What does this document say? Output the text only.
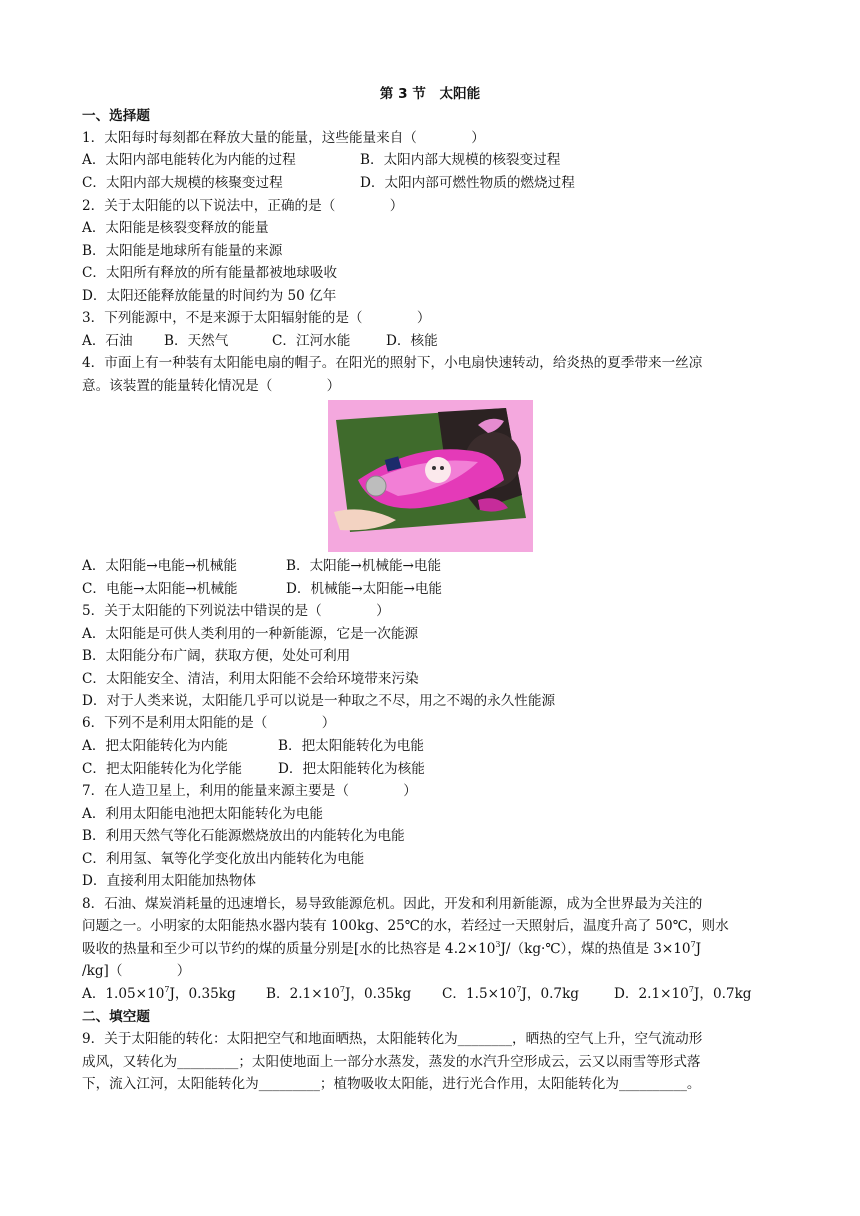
第 3 节　太阳能
一、选择题
1．太阳每时每刻都在释放大量的能量，这些能量来自（　　　　）
A．太阳内部电能转化为内能的过程	B．太阳内部大规模的核裂变过程
C．太阳内部大规模的核聚变过程	D．太阳内部可燃性物质的燃烧过程
2．关于太阳能的以下说法中，正确的是（　　　　）
A．太阳能是核裂变释放的能量
B．太阳能是地球所有能量的来源
C．太阳所有释放的所有能量都被地球吸收
D．太阳还能释放能量的时间约为 50 亿年
3．下列能源中，不是来源于太阳辐射能的是（　　　　）
A．石油 B．天然气	C．江河水能	D．核能
4．市面上有一种装有太阳能电扇的帽子。在阳光的照射下，小电扇快速转动，给炎热的夏季带来一丝凉
意。该装置的能量转化情况是（　　　　）
A．太阳能→电能→机械能	B．太阳能→机械能→电能
C．电能→太阳能→机械能	D．机械能→太阳能→电能
5．关于太阳能的下列说法中错误的是（　　　　）
A．太阳能是可供人类利用的一种新能源，它是一次能源
B．太阳能分布广阔，获取方便，处处可利用
C．太阳能安全、清洁，利用太阳能不会给环境带来污染
D．对于人类来说，太阳能几乎可以说是一种取之不尽，用之不竭的永久性能源
6．下列不是利用太阳能的是（　　　　）
A．把太阳能转化为内能	B．把太阳能转化为电能
C．把太阳能转化为化学能	D．把太阳能转化为核能
7．在人造卫星上，利用的能量来源主要是（　　　　）
A．利用太阳能电池把太阳能转化为电能
B．利用天然气等化石能源燃烧放出的内能转化为电能
C．利用氢、氧等化学变化放出内能转化为电能
D．直接利用太阳能加热物体
8．石油、煤炭消耗量的迅速增长，易导致能源危机。因此，开发和利用新能源，成为全世界最为关注的
问题之一。小明家的太阳能热水器内装有 100kg、25℃的水，若经过一天照射后，温度升高了 50℃，则水
吸收的热量和至少可以节约的煤的质量分别是[水的比热容是 $4.2\times 10^3J/(kg\cdot℃)$，煤的热值是 $3\times 10^7J$
/kg]（　　　　）
A．$1.05\times 10^7J$，0.35kg B．$2.1\times 10^7J$，0.35kg C．$1.5\times 10^7J$，0.7kg	D．$2.1\times 10^7J$，0.7kg
二、填空题
9．关于太阳能的转化：太阳把空气和地面晒热，太阳能转化为________，晒热的空气上升，空气流动形
成风，又转化为_________；太阳使地面上一部分水蒸发，蒸发的水汽升空形成云，云又以雨雪等形式落
下，流入江河，太阳能转化为_________；植物吸收太阳能，进行光合作用，太阳能转化为__________。
